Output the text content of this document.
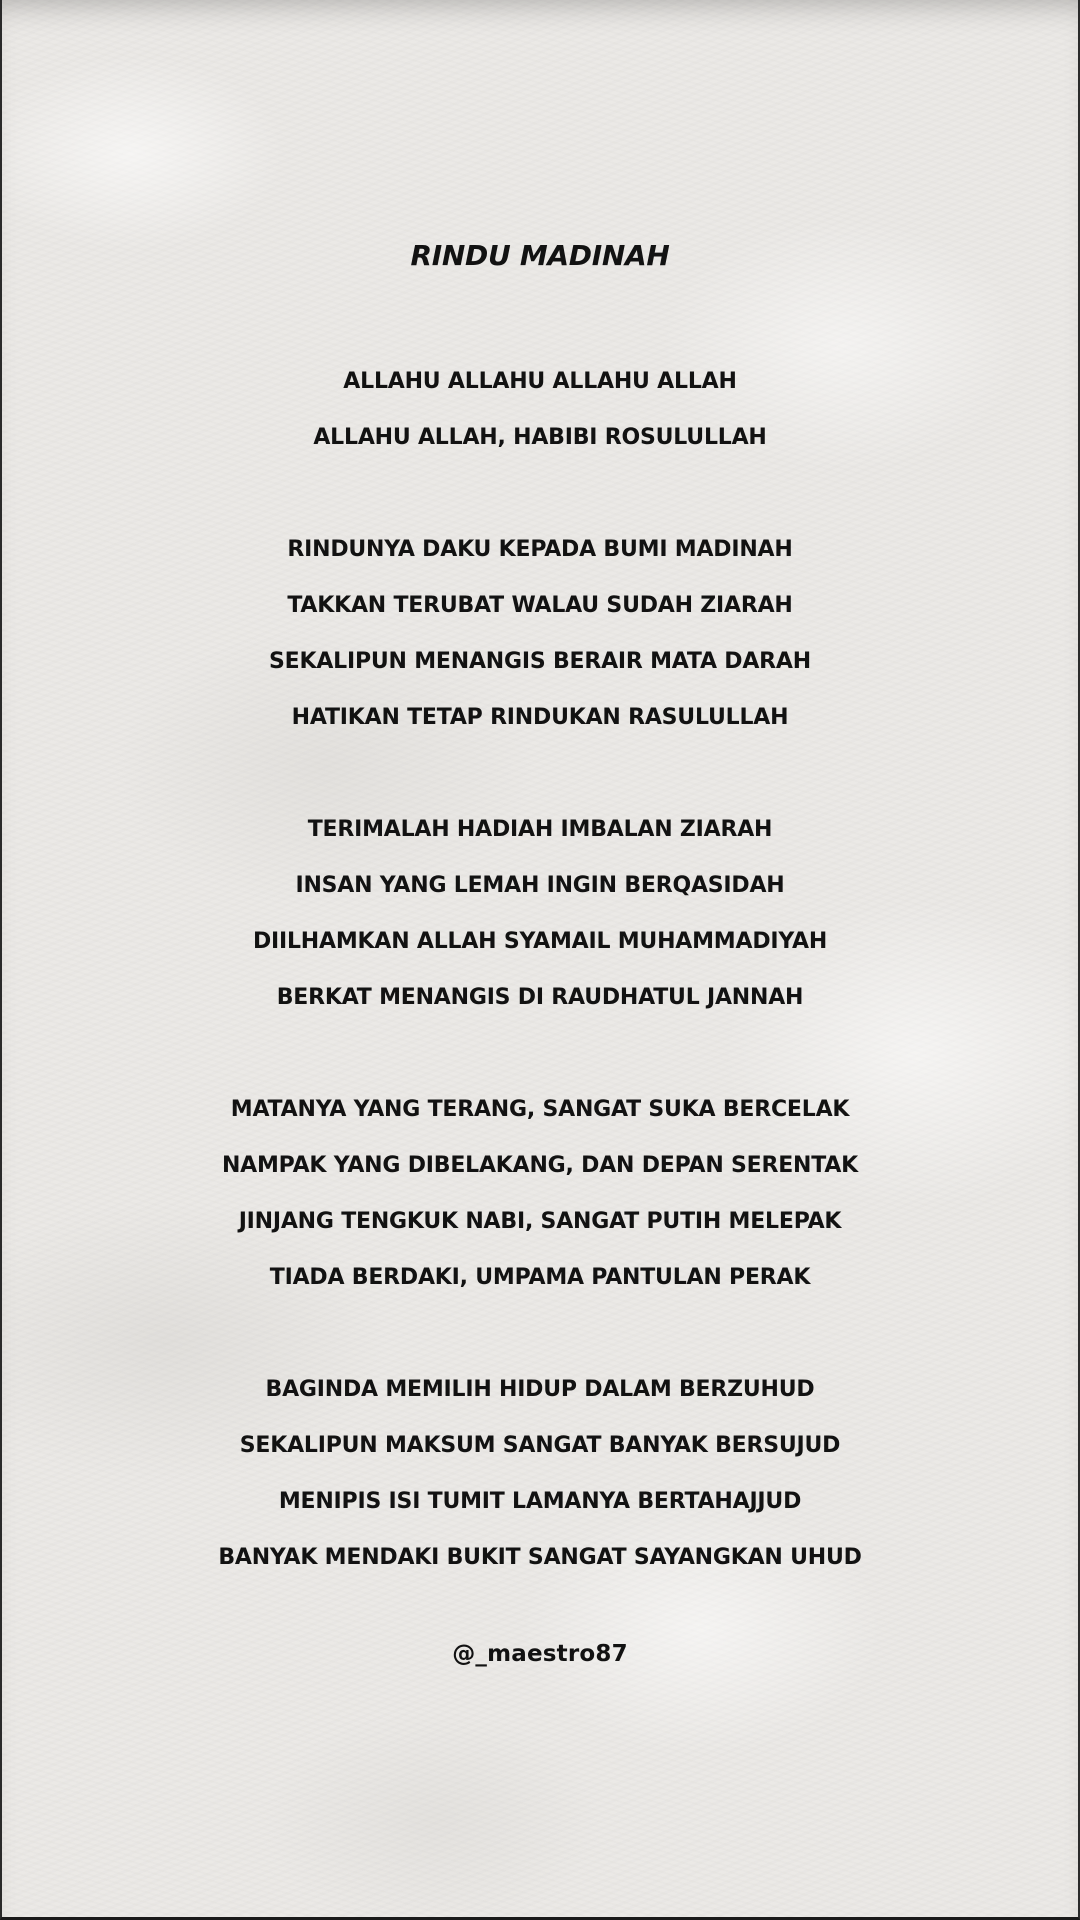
RINDU MADINAH
ALLAHU ALLAHU ALLAHU ALLAH
ALLAHU ALLAH, HABIBI ROSULULLAH
RINDUNYA DAKU KEPADA BUMI MADINAH
TAKKAN TERUBAT WALAU SUDAH ZIARAH
SEKALIPUN MENANGIS BERAIR MATA DARAH
HATIKAN TETAP RINDUKAN RASULULLAH
TERIMALAH HADIAH IMBALAN ZIARAH
INSAN YANG LEMAH INGIN BERQASIDAH
DIILHAMKAN ALLAH SYAMAIL MUHAMMADIYAH
BERKAT MENANGIS DI RAUDHATUL JANNAH
MATANYA YANG TERANG, SANGAT SUKA BERCELAK
NAMPAK YANG DIBELAKANG, DAN DEPAN SERENTAK
JINJANG TENGKUK NABI, SANGAT PUTIH MELEPAK
TIADA BERDAKI, UMPAMA PANTULAN PERAK
BAGINDA MEMILIH HIDUP DALAM BERZUHUD
SEKALIPUN MAKSUM SANGAT BANYAK BERSUJUD
MENIPIS ISI TUMIT LAMANYA BERTAHAJJUD
BANYAK MENDAKI BUKIT SANGAT SAYANGKAN UHUD
@_maestro87
